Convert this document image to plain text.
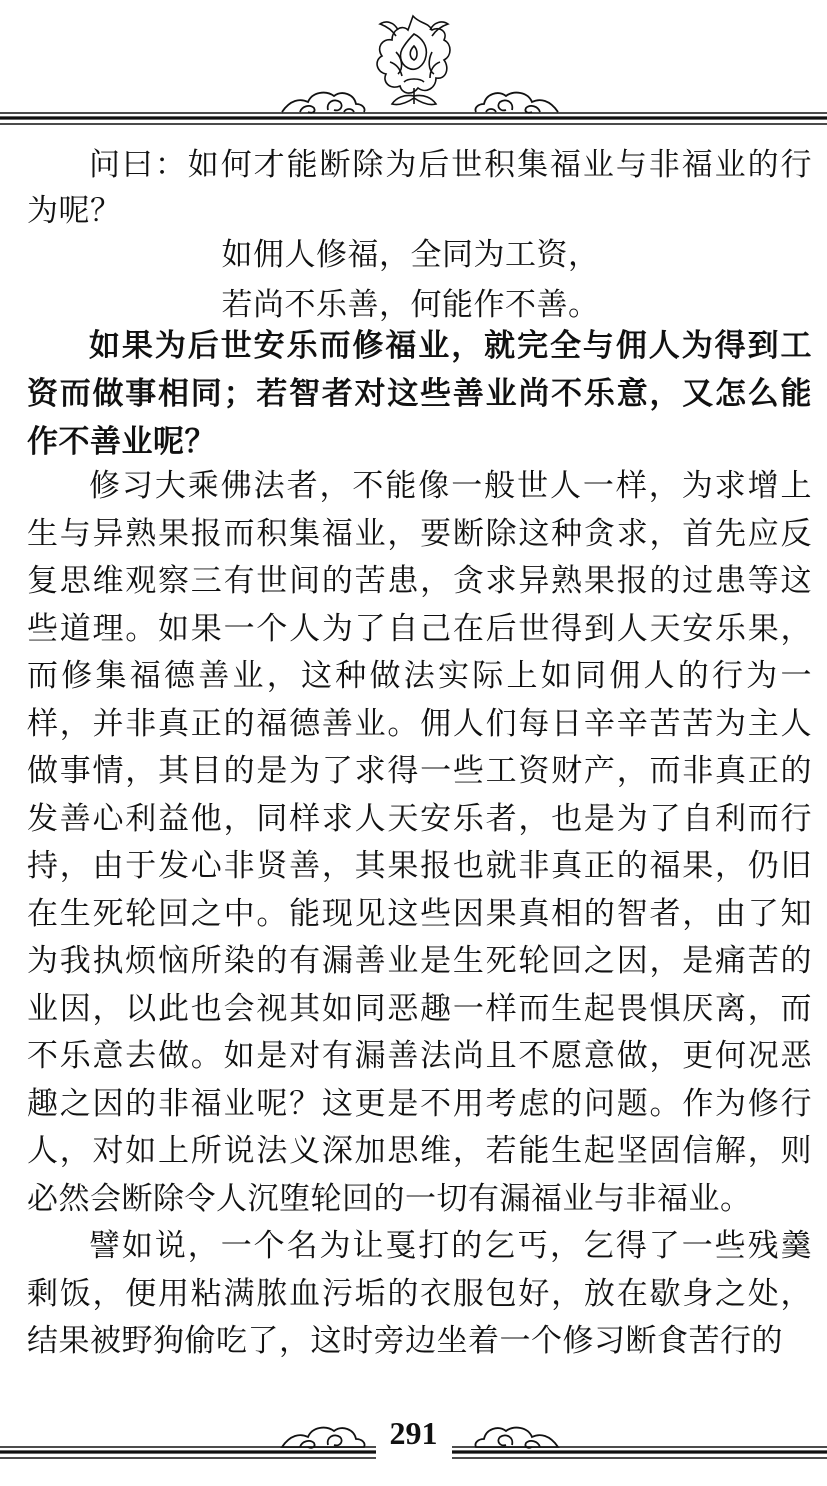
问曰：如何才能断除为后世积集福业与非福业的行为呢？

如佣人修福，全同为工资，
若尚不乐善，何能作不善。

如果为后世安乐而修福业，就完全与佣人为得到工资而做事相同；若智者对这些善业尚不乐意，又怎么能作不善业呢？

修习大乘佛法者，不能像一般世人一样，为求增上生与异熟果报而积集福业，要断除这种贪求，首先应反复思维观察三有世间的苦患，贪求异熟果报的过患等这些道理。如果一个人为了自己在后世得到人天安乐果，而修集福德善业，这种做法实际上如同佣人的行为一样，并非真正的福德善业。佣人们每日辛辛苦苦为主人做事情，其目的是为了求得一些工资财产，而非真正的发善心利益他，同样求人天安乐者，也是为了自利而行持，由于发心非贤善，其果报也就非真正的福果，仍旧在生死轮回之中。能现见这些因果真相的智者，由了知为我执烦恼所染的有漏善业是生死轮回之因，是痛苦的业因，以此也会视其如同恶趣一样而生起畏惧厌离，而不乐意去做。如是对有漏善法尚且不愿意做，更何况恶趣之因的非福业呢？这更是不用考虑的问题。作为修行人，对如上所说法义深加思维，若能生起坚固信解，则必然会断除令人沉堕轮回的一切有漏福业与非福业。

譬如说，一个名为让戛打的乞丐，乞得了一些残羹剩饭，便用粘满脓血污垢的衣服包好，放在歇身之处，结果被野狗偷吃了，这时旁边坐着一个修习断食苦行的

291
